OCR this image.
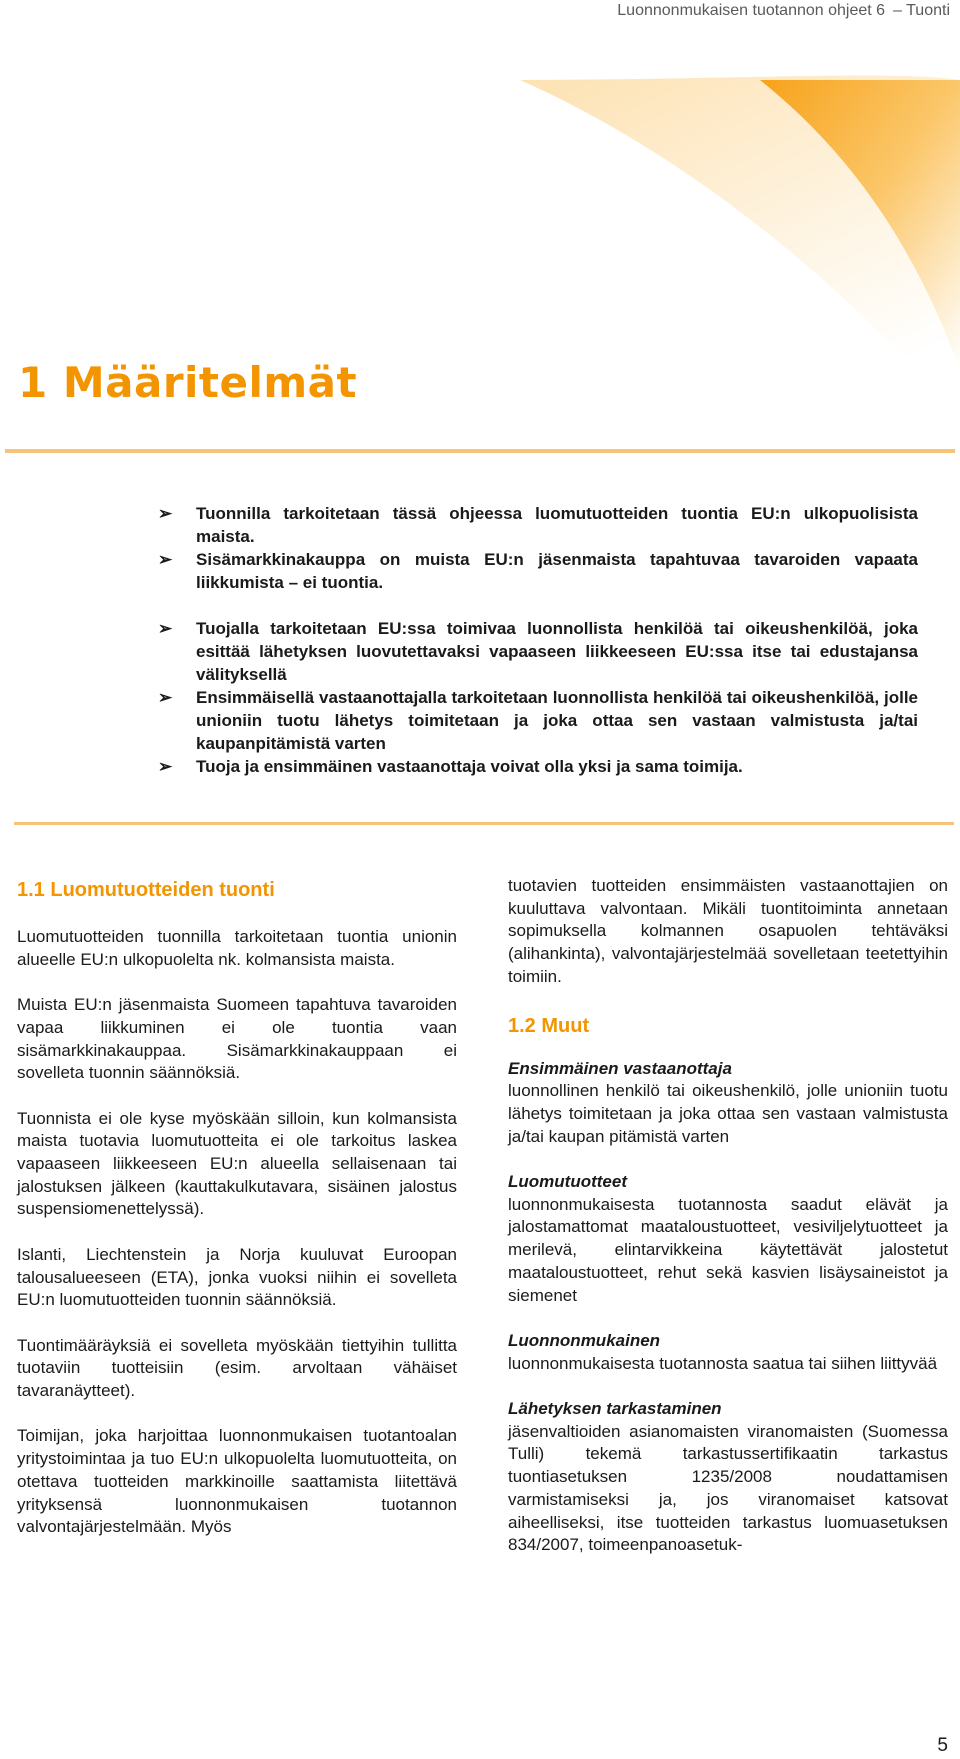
Luonnonmukaisen tuotannon ohjeet 6 – Tuonti
1 Määritelmät
➢ Tuonnilla tarkoitetaan tässä ohjeessa luomutuotteiden tuontia EU:n ulkopuolisista maista.
➢ Sisämarkkinakauppa on muista EU:n jäsenmaista tapahtuvaa tavaroiden vapaata liikkumista – ei tuontia.
➢ Tuojalla tarkoitetaan EU:ssa toimivaa luonnollista henkilöä tai oikeushenkilöä, joka esittää lähetyksen luovutettavaksi vapaaseen liikkeeseen EU:ssa itse tai edustajansa välityksellä
➢ Ensimmäisellä vastaanottajalla tarkoitetaan luonnollista henkilöä tai oikeushenkilöä, jolle unioniin tuotu lähetys toimitetaan ja joka ottaa sen vastaan valmistusta ja/tai kaupanpitämistä varten
➢ Tuoja ja ensimmäinen vastaanottaja voivat olla yksi ja sama toimija.
1.1 Luomutuotteiden tuonti

Luomutuotteiden tuonnilla tarkoitetaan tuontia unionin alueelle EU:n ulkopuolelta nk. kolmansista maista.

Muista EU:n jäsenmaista Suomeen tapahtuva tavaroiden vapaa liikkuminen ei ole tuontia vaan sisämarkkinakauppaa. Sisämarkkinakauppaan ei sovelleta tuonnin säännöksiä.

Tuonnista ei ole kyse myöskään silloin, kun kolmansista maista tuotavia luomutuotteita ei ole tarkoitus laskea vapaaseen liikkeeseen EU:n alueella sellaisenaan tai jalostuksen jälkeen (kauttakulkutavara, sisäinen jalostus suspensiomenettelyssä).

Islanti, Liechtenstein ja Norja kuuluvat Euroopan talousalueeseen (ETA), jonka vuoksi niihin ei sovelleta EU:n luomutuotteiden tuonnin säännöksiä.

Tuontimääräyksiä ei sovelleta myöskään tiettyihin tullitta tuotaviin tuotteisiin (esim. arvoltaan vähäiset tavaranäytteet).

Toimijan, joka harjoittaa luonnonmukaisen tuotantoalan yritystoimintaa ja tuo EU:n ulkopuolelta luomutuotteita, on otettava tuotteiden markkinoille saattamista liitettävä yrityksensä luonnonmukaisen tuotannon valvontajärjestelmään. Myös

tuotavien tuotteiden ensimmäisten vastaanottajien on kuuluttava valvontaan. Mikäli tuontitoiminta annetaan sopimuksella kolmannen osapuolen tehtäväksi (alihankinta), valvontajärjestelmää sovelletaan teetettyihin toimiin.

1.2 Muut

Ensimmäinen vastaanottaja
luonnollinen henkilö tai oikeushenkilö, jolle unioniin tuotu lähetys toimitetaan ja joka ottaa sen vastaan valmistusta ja/tai kaupan pitämistä varten

Luomutuotteet
luonnonmukaisesta tuotannosta saadut elävät ja jalostamattomat maataloustuotteet, vesiviljelytuotteet ja merilevä, elintarvikkeina käytettävät jalostetut maataloustuotteet, rehut sekä kasvien lisäysaineistot ja siemenet

Luonnonmukainen
luonnonmukaisesta tuotannosta saatua tai siihen liittyvää

Lähetyksen tarkastaminen
jäsenvaltioiden asianomaisten viranomaisten (Suomessa Tulli) tekemä tarkastussertifikaatin tarkastus tuontiasetuksen 1235/2008 noudattamisen varmistamiseksi ja, jos viranomaiset katsovat aiheelliseksi, itse tuotteiden tarkastus luomuasetuksen 834/2007, toimeenpanoasetuk-

5
